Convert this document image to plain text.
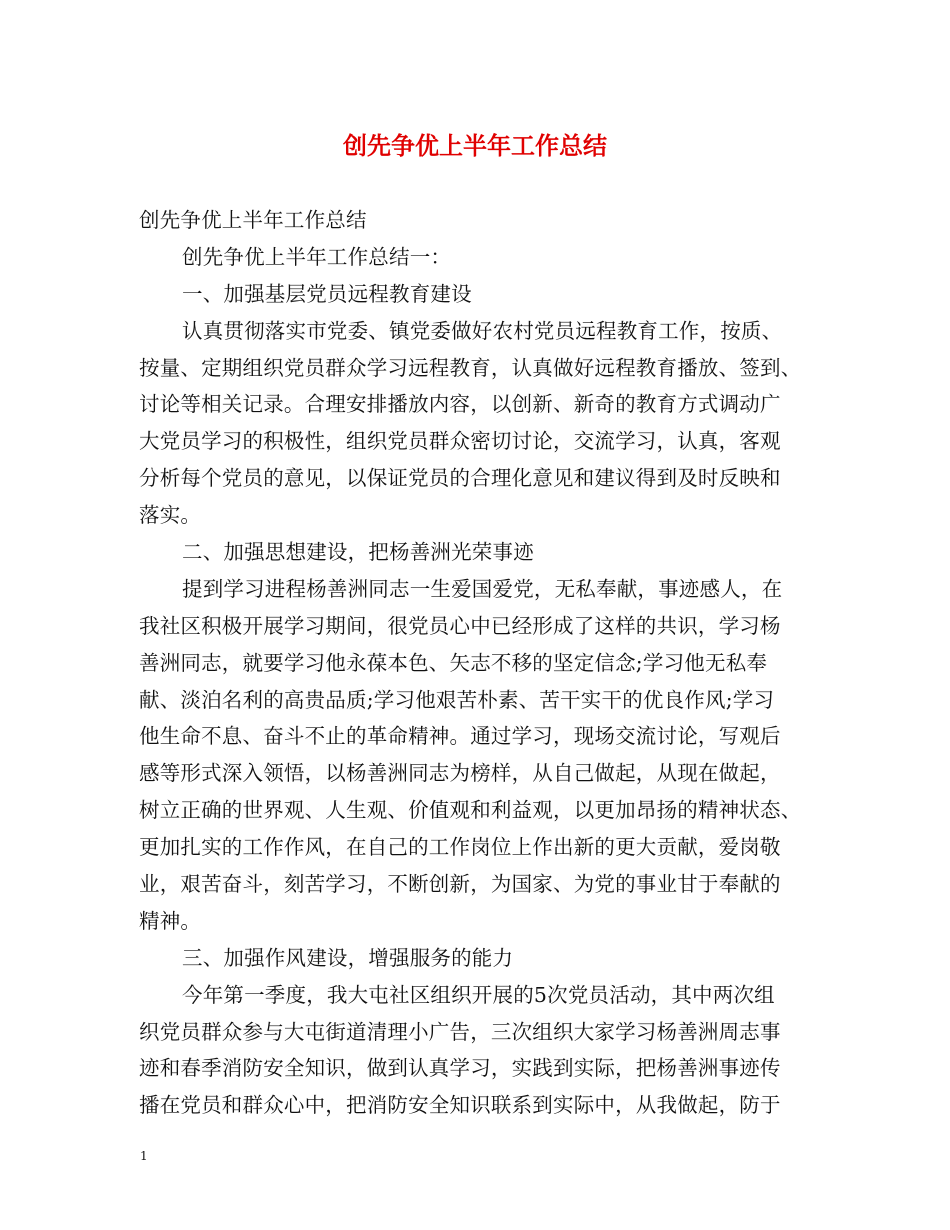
创先争优上半年工作总结
创先争优上半年工作总结
创先争优上半年工作总结一：
一、加强基层党员远程教育建设
认真贯彻落实市党委、镇党委做好农村党员远程教育工作，按质、
按量、定期组织党员群众学习远程教育，认真做好远程教育播放、签到、
讨论等相关记录。合理安排播放内容，以创新、新奇的教育方式调动广
大党员学习的积极性，组织党员群众密切讨论，交流学习，认真，客观
分析每个党员的意见，以保证党员的合理化意见和建议得到及时反映和
落实。
二、加强思想建设，把杨善洲光荣事迹
提到学习进程杨善洲同志一生爱国爱党，无私奉献，事迹感人，在
我社区积极开展学习期间，很党员心中已经形成了这样的共识，学习杨
善洲同志，就要学习他永葆本色、矢志不移的坚定信念;学习他无私奉
献、淡泊名利的高贵品质;学习他艰苦朴素、苦干实干的优良作风;学习
他生命不息、奋斗不止的革命精神。通过学习，现场交流讨论，写观后
感等形式深入领悟，以杨善洲同志为榜样，从自己做起，从现在做起，
树立正确的世界观、人生观、价值观和利益观，以更加昂扬的精神状态、
更加扎实的工作作风，在自己的工作岗位上作出新的更大贡献，爱岗敬
业，艰苦奋斗，刻苦学习，不断创新，为国家、为党的事业甘于奉献的
精神。
三、加强作风建设，增强服务的能力
今年第一季度，我大屯社区组织开展的5次党员活动，其中两次组
织党员群众参与大屯街道清理小广告，三次组织大家学习杨善洲周志事
迹和春季消防安全知识，做到认真学习，实践到实际，把杨善洲事迹传
播在党员和群众心中，把消防安全知识联系到实际中，从我做起，防于
1
